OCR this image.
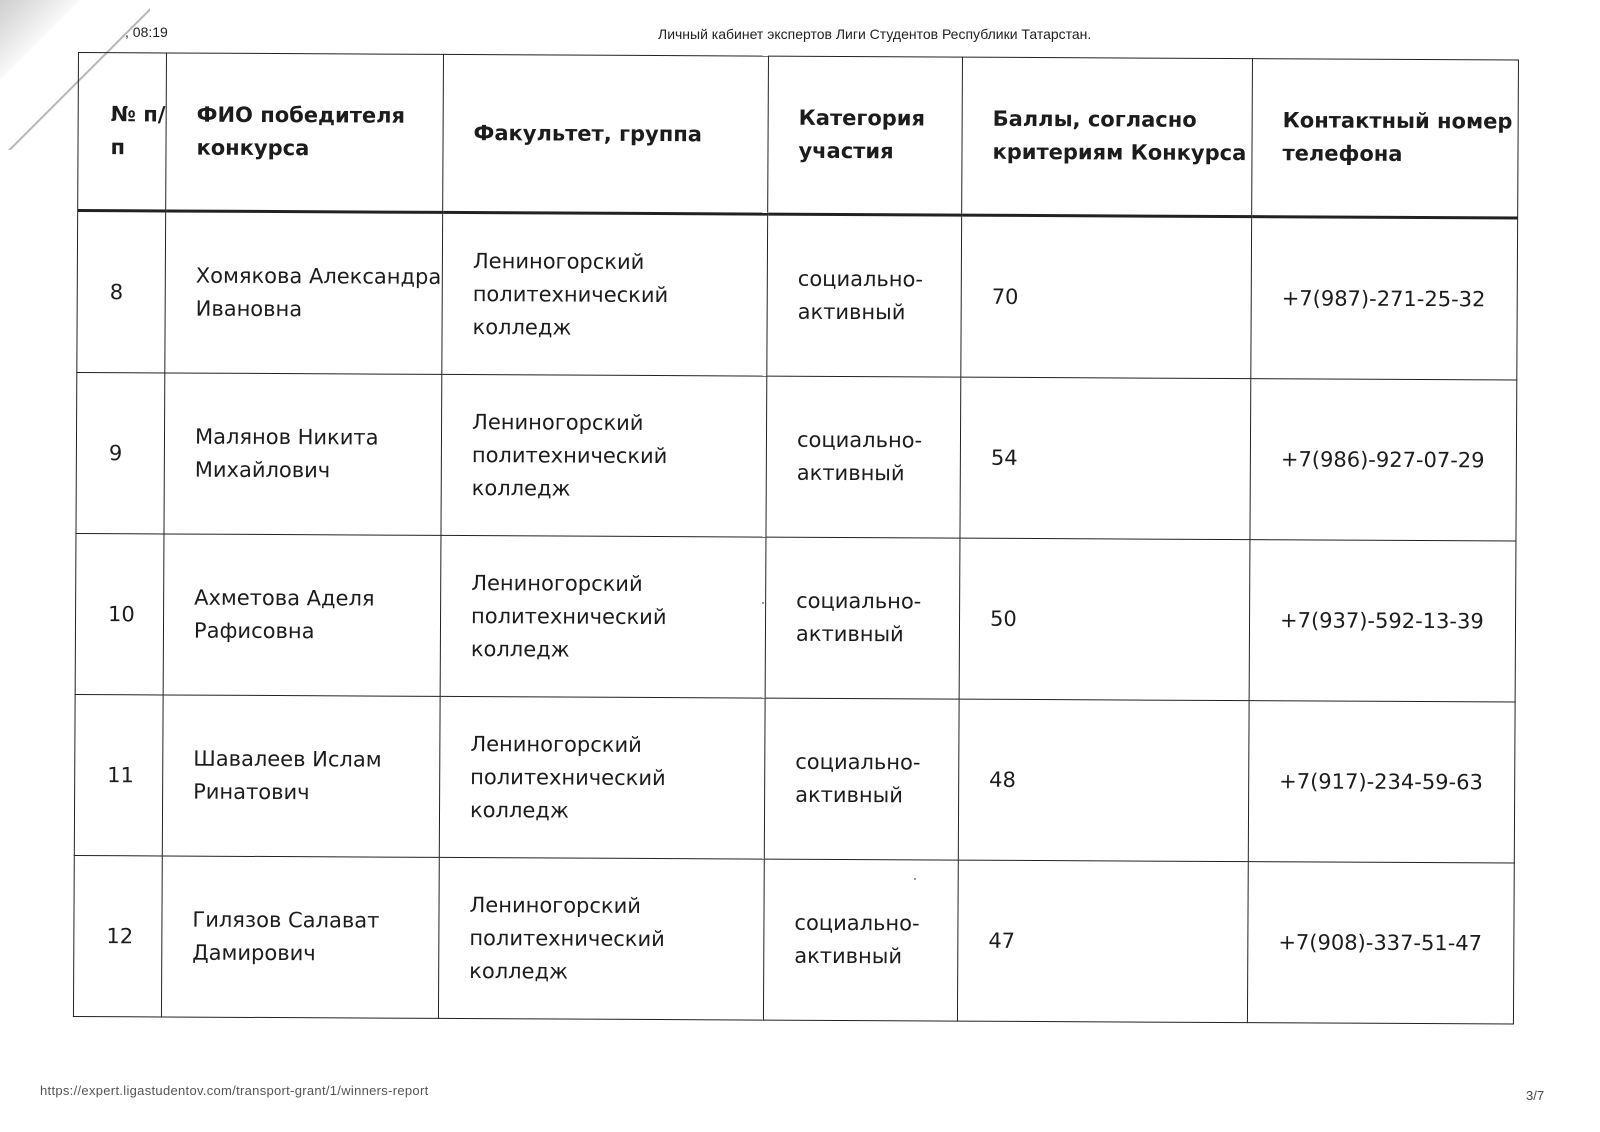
, 08:19	Личный кабинет экспертов Лиги Студентов Республики Татарстан.
№ п/п	ФИО победителя конкурса	Факультет, группа	Категория участия	Баллы, согласно критериям Конкурса	Контактный номер телефона
8	Хомякова Александра Ивановна	Лениногорский политехнический колледж	социально-активный	70	+7(987)-271-25-32
9	Малянов Никита Михайлович	Лениногорский политехнический колледж	социально-активный	54	+7(986)-927-07-29
10	Ахметова Аделя Рафисовна	Лениногорский политехнический колледж	социально-активный	50	+7(937)-592-13-39
11	Шавалеев Ислам Ринатович	Лениногорский политехнический колледж	социально-активный	48	+7(917)-234-59-63
12	Гилязов Салават Дамирович	Лениногорский политехнический колледж	социально-активный	47	+7(908)-337-51-47
https://expert.ligastudentov.com/transport-grant/1/winners-report	3/7
